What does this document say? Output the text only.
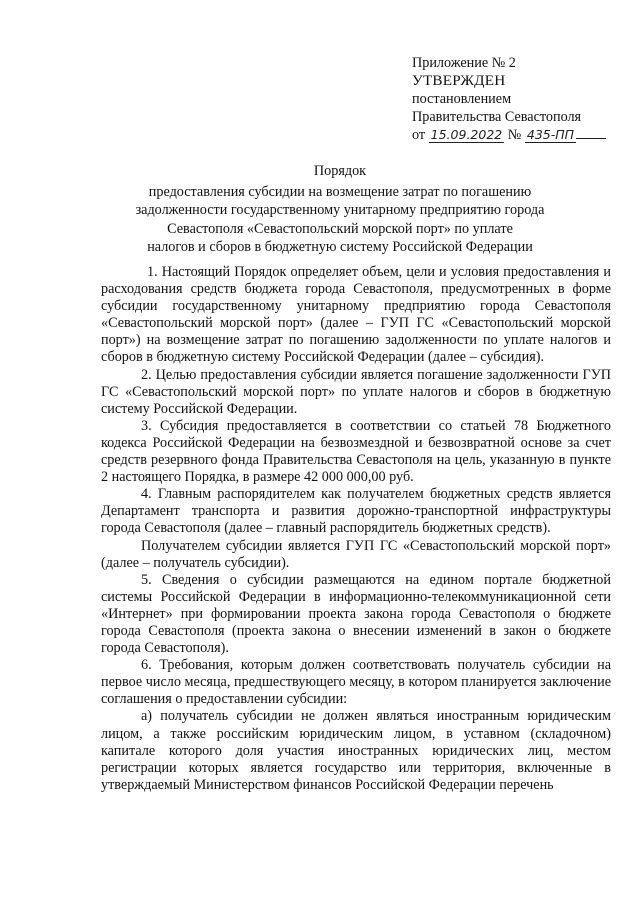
Приложение № 2
УТВЕРЖДЕН
постановлением
Правительства Севастополя
от 15.09.2022 № 435-ПП
Порядок
предоставления субсидии на возмещение затрат по погашению
задолженности государственному унитарному предприятию города
Севастополя «Севастопольский морской порт» по уплате
налогов и сборов в бюджетную систему Российской Федерации

1. Настоящий Порядок определяет объем, цели и условия предоставления и расходования средств бюджета города Севастополя, предусмотренных в форме субсидии государственному унитарному предприятию города Севастополя «Севастопольский морской порт» (далее – ГУП ГС «Севастопольский морской порт») на возмещение затрат по погашению задолженности по уплате налогов и сборов в бюджетную систему Российской Федерации (далее – субсидия).

2. Целью предоставления субсидии является погашение задолженности ГУП ГС «Севастопольский морской порт» по уплате налогов и сборов в бюджетную систему Российской Федерации.

3. Субсидия предоставляется в соответствии со статьей 78 Бюджетного кодекса Российской Федерации на безвозмездной и безвозвратной основе за счет средств резервного фонда Правительства Севастополя на цель, указанную в пункте 2 настоящего Порядка, в размере 42 000 000,00 руб.

4. Главным распорядителем как получателем бюджетных средств является Департамент транспорта и развития дорожно-транспортной инфраструктуры города Севастополя (далее – главный распорядитель бюджетных средств).

Получателем субсидии является ГУП ГС «Севастопольский морской порт» (далее – получатель субсидии).

5. Сведения о субсидии размещаются на едином портале бюджетной системы Российской Федерации в информационно-телекоммуникационной сети «Интернет» при формировании проекта закона города Севастополя о бюджете города Севастополя (проекта закона о внесении изменений в закон о бюджете города Севастополя).

6. Требования, которым должен соответствовать получатель субсидии на первое число месяца, предшествующего месяцу, в котором планируется заключение соглашения о предоставлении субсидии:

а) получатель субсидии не должен являться иностранным юридическим лицом, а также российским юридическим лицом, в уставном (складочном) капитале которого доля участия иностранных юридических лиц, местом регистрации которых является государство или территория, включенные в утверждаемый Министерством финансов Российской Федерации перечень
